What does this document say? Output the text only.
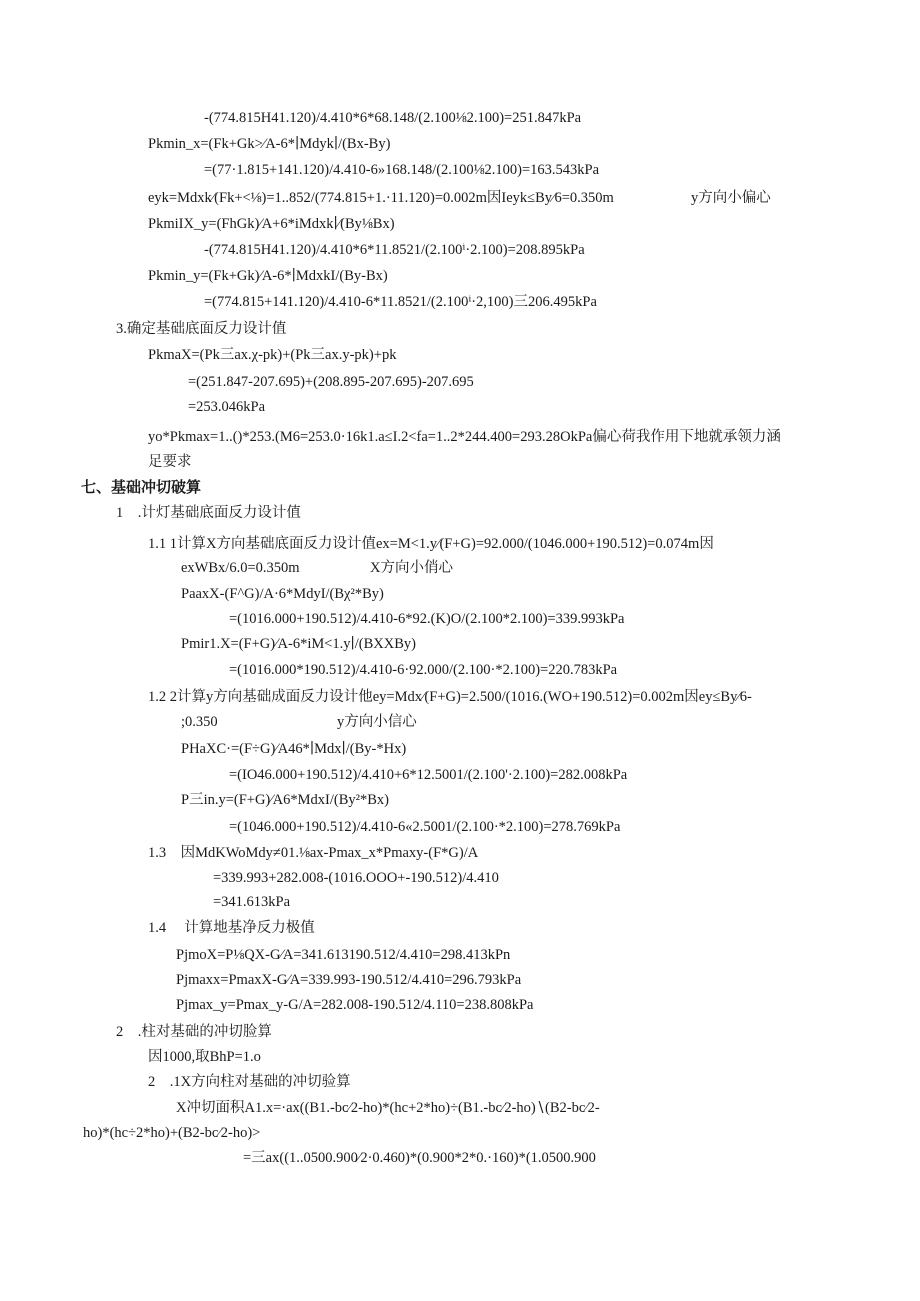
-(774.815H41.120)/4.410*6*68.148/(2.100⅛2.100)=251.847kPa
Pkmin_x=(Fk+Gk>⁄A-6*∣Mdyk∣/(Bx-By)
=(77·1.815+141.120)/4.410-6»168.148/(2.100⅛2.100)=163.543kPa
eyk=Mdxk⁄(Fk+<⅛)=1..852/(774.815+1.·11.120)=0.002m因Ieyk≤By⁄6=0.350m	y方向小偏心
PkmiIX_y=(FhGk)⁄A+6*iMdxk∣⁄(By⅛Bx)
-(774.815H41.120)/4.410*6*11.8521/(2.100ⁱ·2.100)=208.895kPa
Pkmin_y=(Fk+Gk)⁄A-6*∣MdxkI/(By-Bx)
=(774.815+141.120)/4.410-6*11.8521/(2.100ⁱ·2,100)三206.495kPa
3.确定基础底面反力设计值
PkmaX=(Pk三ax.χ-pk)+(Pk三ax.y-pk)+pk
=(251.847-207.695)+(208.895-207.695)-207.695
=253.046kPa
yo*Pkmax=1..()*253.(M6=253.0·16k1.a≤I.2<fa=1..2*244.400=293.28OkPa偏心荷我作用下地就承领力涵
足要求
七、基础冲切破算
1　.计灯基础底面反力设计值
1.1 1计算X方向基础底面反力设计值ex=M<1.y⁄(F+G)=92.000/(1046.000+190.512)=0.074m因
exWBx/6.0=0.350m	X方向小俏心
PaaxX-(F^G)/A·6*MdyI/(Bχ²*By)
=(1016.000+190.512)/4.410-6*92.(K)O/(2.100*2.100)=339.993kPa
Pmir1.X=(F+G)⁄A-6*iM<1.y∣/(BXXBy)
=(1016.000*190.512)/4.410-6·92.000/(2.100·*2.100)=220.783kPa
1.2 2计算y方向基础成面反力设计他ey=Mdx⁄(F+G)=2.500/(1016.(WO+190.512)=0.002m因ey≤By⁄6-
;0.350	y方向小信心
PHaXC·=(F÷G)⁄A46*∣Mdx∣/(By-*Hx)
=(IO46.000+190.512)/4.410+6*12.5001/(2.100'·2.100)=282.008kPa
P三in.y=(F+G)⁄A6*MdxI/(By²*Bx)
=(1046.000+190.512)/4.410-6«2.5001/(2.100·*2.100)=278.769kPa
1.3　因MdKWoMdy≠01.⅛ax-Pmax_x*Pmaxy-(F*G)/A
=339.993+282.008-(1016.OOO+-190.512)/4.410
=341.613kPa
1.4　 计算地基净反力极值
PjmoX=P⅛QX-G⁄A=341.613190.512/4.410=298.413kPn
Pjmaxx=PmaxX-G⁄A=339.993-190.512/4.410=296.793kPa
Pjmax_y=Pmax_y-G/A=282.008-190.512/4.110=238.808kPa
2　.柱对基础的冲切脸算
因1000,取BhP=1.o
2　.1X方向柱对基础的冲切验算
X冲切面积A1.x=·ax((B1.-bc⁄2-ho)*(hc+2*ho)÷(B1.-bc⁄2-ho)∖(B2-bc⁄2-
ho)*(hc÷2*ho)+(B2-bc⁄2-ho)>
=三ax((1..0500.900⁄2·0.460)*(0.900*2*0.·160)*(1.0500.900
